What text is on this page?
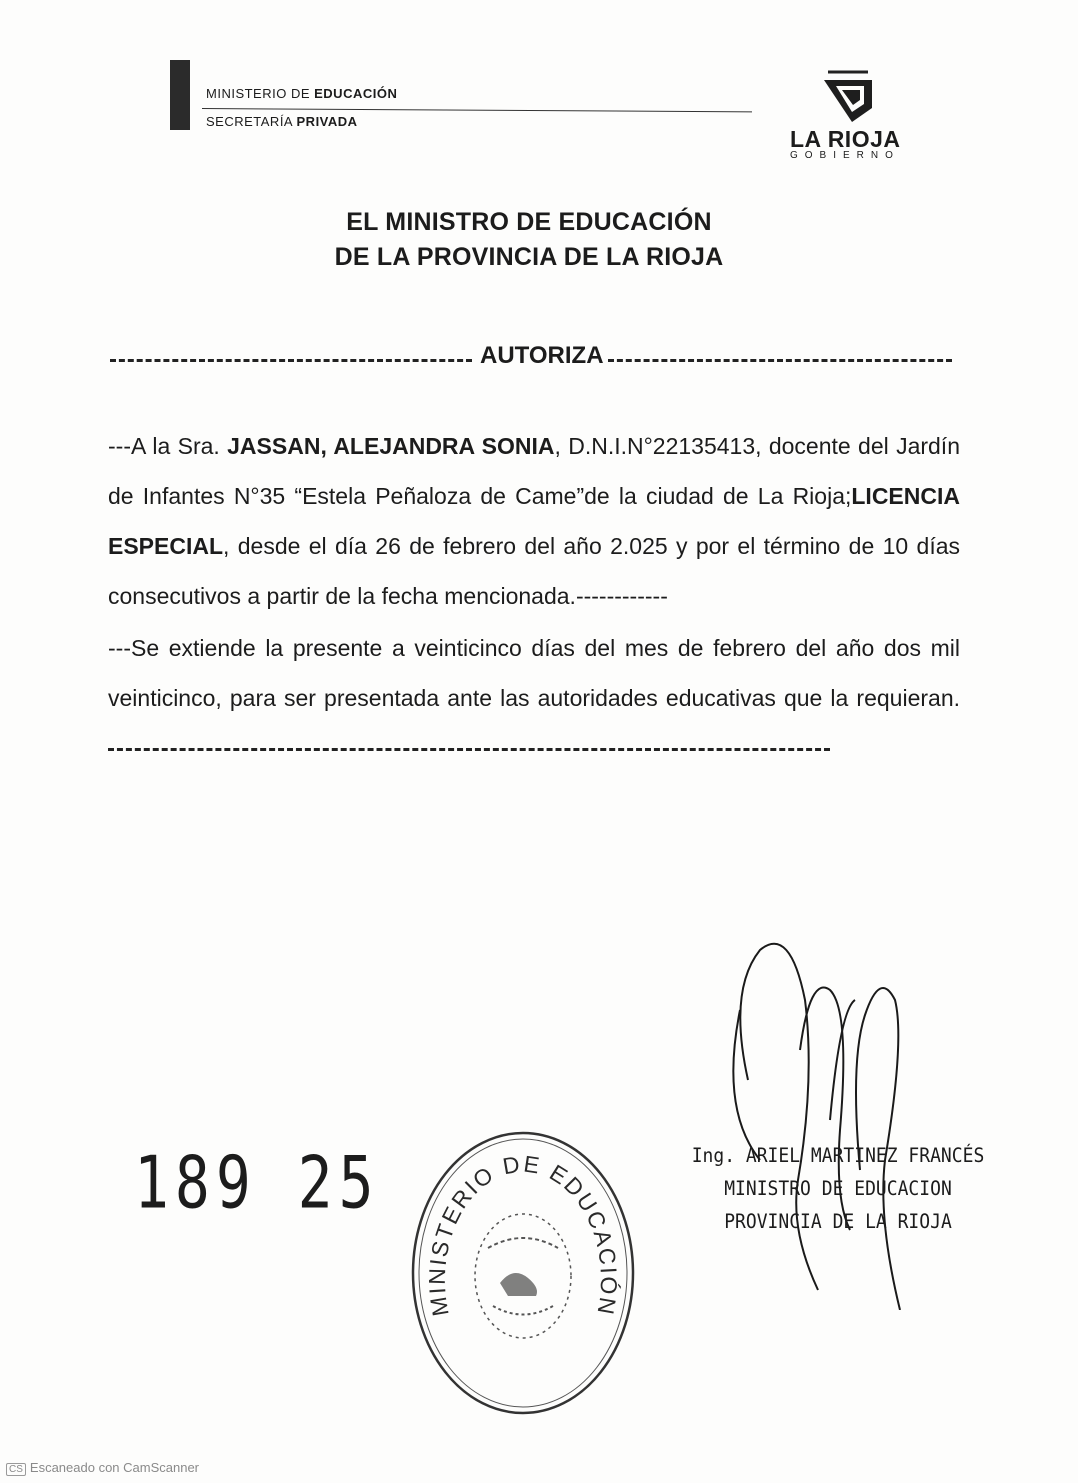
MINISTERIO DE EDUCACIÓN
SECRETARÍA PRIVADA
LA RIOJA
GOBIERNO
EL MINISTRO DE EDUCACIÓN
DE LA PROVINCIA DE LA RIOJA
AUTORIZA
---A la Sra. JASSAN, ALEJANDRA SONIA, D.N.I.N°22135413, docente del Jardín de Infantes N°35 “Estela Peñaloza de Came”de la ciudad de La Rioja;LICENCIA ESPECIAL, desde el día 26 de febrero del año 2.025 y por el término de 10 días consecutivos a partir de la fecha mencionada.------------
---Se extiende la presente a veinticinco días del mes de febrero del año dos mil veinticinco, para ser presentada ante las autoridades educativas que la requieran.
189 25
MINISTERIO DE EDUCACIÓN
Ing. ARIEL MARTINEZ FRANCÉS
MINISTRO DE EDUCACION
PROVINCIA DE LA RIOJA
CS Escaneado con CamScanner
